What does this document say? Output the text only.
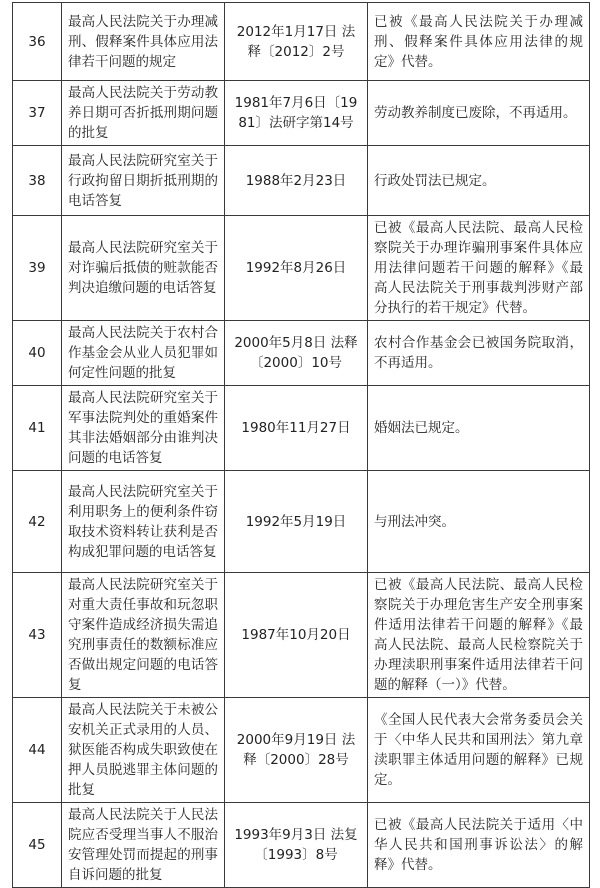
36	最高人民法院关于办理减刑、假释案件具体应用法律若干问题的规定	2012年1月17日 法释〔2012〕2号	已被《最高人民法院关于办理减刑、假释案件具体应用法律的规定》代替。
37	最高人民法院关于劳动教养日期可否折抵刑期问题的批复	1981年7月6日〔1981〕法研字第14号	劳动教养制度已废除，不再适用。
38	最高人民法院研究室关于行政拘留日期折抵刑期的电话答复	1988年2月23日	行政处罚法已规定。
39	最高人民法院研究室关于对诈骗后抵债的赃款能否判决追缴问题的电话答复	1992年8月26日	已被《最高人民法院、最高人民检察院关于办理诈骗刑事案件具体应用法律问题若干问题的解释》《最高人民法院关于刑事裁判涉财产部分执行的若干规定》代替。
40	最高人民法院关于农村合作基金会从业人员犯罪如何定性问题的批复	2000年5月8日 法释〔2000〕10号	农村合作基金会已被国务院取消，不再适用。
41	最高人民法院研究室关于军事法院判处的重婚案件其非法婚姻部分由谁判决问题的电话答复	1980年11月27日	婚姻法已规定。
42	最高人民法院研究室关于利用职务上的便利条件窃取技术资料转让获利是否构成犯罪问题的电话答复	1992年5月19日	与刑法冲突。
43	最高人民法院研究室关于对重大责任事故和玩忽职守案件造成经济损失需追究刑事责任的数额标准应否做出规定问题的电话答复	1987年10月20日	已被《最高人民法院、最高人民检察院关于办理危害生产安全刑事案件适用法律若干问题的解释》《最高人民法院、最高人民检察院关于办理渎职刑事案件适用法律若干问题的解释（一）》代替。
44	最高人民法院关于未被公安机关正式录用的人员、狱医能否构成失职致使在押人员脱逃罪主体问题的批复	2000年9月19日 法释〔2000〕28号	《全国人民代表大会常务委员会关于〈中华人民共和国刑法〉第九章渎职罪主体适用问题的解释》已规定。
45	最高人民法院关于人民法院应否受理当事人不服治安管理处罚而提起的刑事自诉问题的批复	1993年9月3日 法复〔1993〕8号	已被《最高人民法院关于适用〈中华人民共和国刑事诉讼法〉的解释》代替。
